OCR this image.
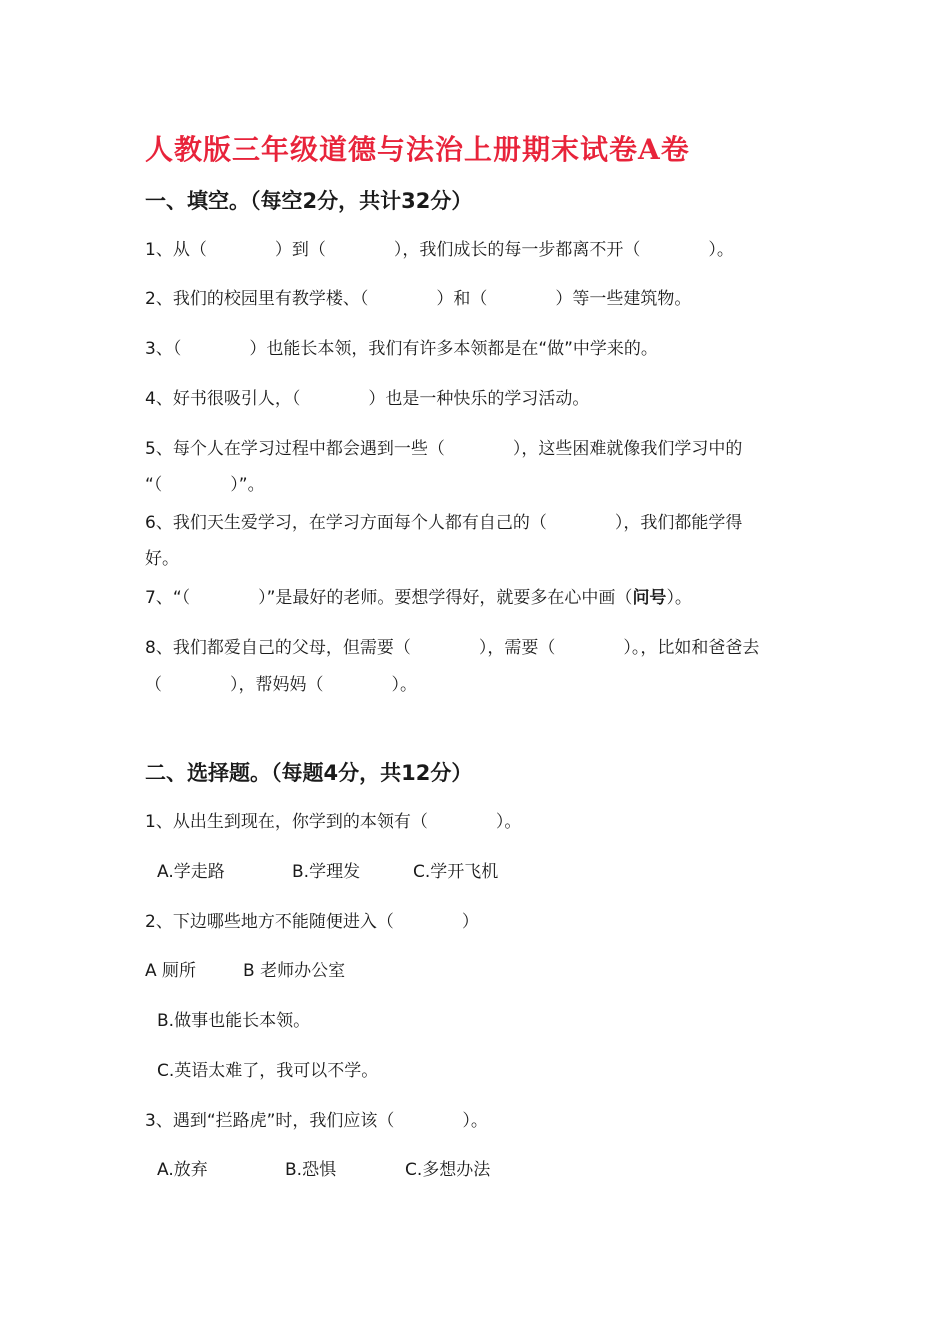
人教版三年级道德与法治上册期末试卷A卷
一、填空。（每空2分，共计32分）
1、从（　　　　）到（　　　　），我们成长的每一步都离不开（　　　　）。
2、我们的校园里有教学楼、（　　　　）和（　　　　）等一些建筑物。
3、（　　　　）也能长本领，我们有许多本领都是在“做”中学来的。
4、好书很吸引人，（　　　　）也是一种快乐的学习活动。
5、每个人在学习过程中都会遇到一些（　　　　），这些困难就像我们学习中的
“（　　　　）”。
6、我们天生爱学习，在学习方面每个人都有自己的（　　　　），我们都能学得
好。
7、“（　　　　）”是最好的老师。要想学得好，就要多在心中画（问号）。
8、我们都爱自己的父母，但需要（　　　　），需要（　　　　）。，比如和爸爸去
（　　　　），帮妈妈（　　　　）。
二、选择题。（每题4分，共12分）
1、从出生到现在，你学到的本领有（　　　　）。
A.学走路	B.学理发	C.学开飞机
2、下边哪些地方不能随便进入（　　　　）
A 厕所	B 老师办公室
B.做事也能长本领。
C.英语太难了，我可以不学。
3、遇到“拦路虎”时，我们应该（　　　　）。
A.放弃	B.恐惧	C.多想办法
